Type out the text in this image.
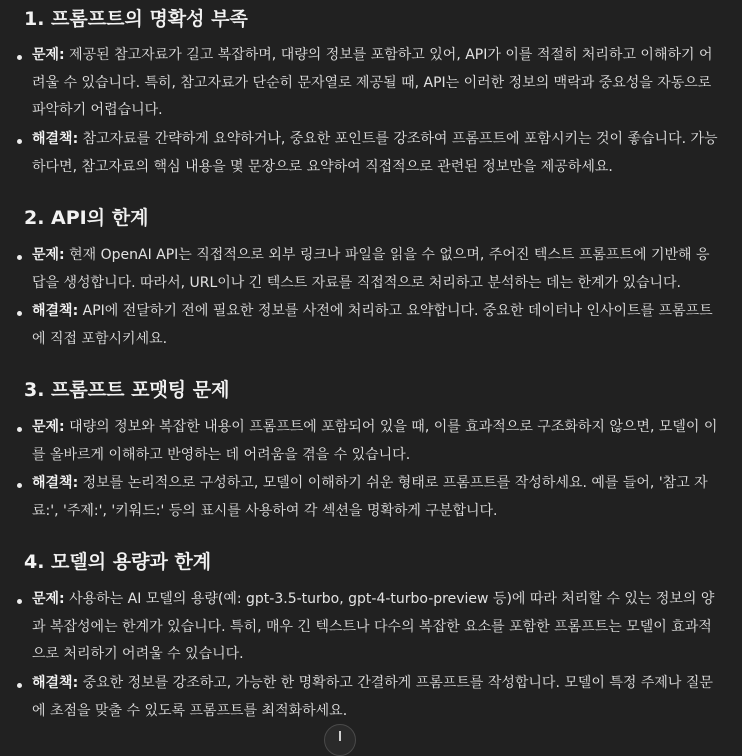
1. 프롬프트의 명확성 부족

문제: 제공된 참고자료가 길고 복잡하며, 대량의 정보를 포함하고 있어, API가 이를 적절히 처리하고 이해하기 어려울 수 있습니다. 특히, 참고자료가 단순히 문자열로 제공될 때, API는 이러한 정보의 맥락과 중요성을 자동으로 파악하기 어렵습니다.

해결책: 참고자료를 간략하게 요약하거나, 중요한 포인트를 강조하여 프롬프트에 포함시키는 것이 좋습니다. 가능하다면, 참고자료의 핵심 내용을 몇 문장으로 요약하여 직접적으로 관련된 정보만을 제공하세요.

2. API의 한계

문제: 현재 OpenAI API는 직접적으로 외부 링크나 파일을 읽을 수 없으며, 주어진 텍스트 프롬프트에 기반해 응답을 생성합니다. 따라서, URL이나 긴 텍스트 자료를 직접적으로 처리하고 분석하는 데는 한계가 있습니다.

해결책: API에 전달하기 전에 필요한 정보를 사전에 처리하고 요약합니다. 중요한 데이터나 인사이트를 프롬프트에 직접 포함시키세요.

3. 프롬프트 포맷팅 문제

문제: 대량의 정보와 복잡한 내용이 프롬프트에 포함되어 있을 때, 이를 효과적으로 구조화하지 않으면, 모델이 이를 올바르게 이해하고 반영하는 데 어려움을 겪을 수 있습니다.

해결책: 정보를 논리적으로 구성하고, 모델이 이해하기 쉬운 형태로 프롬프트를 작성하세요. 예를 들어, '참고 자료:', '주제:', '키워드:' 등의 표시를 사용하여 각 섹션을 명확하게 구분합니다.

4. 모델의 용량과 한계

문제: 사용하는 AI 모델의 용량(예: gpt-3.5-turbo, gpt-4-turbo-preview 등)에 따라 처리할 수 있는 정보의 양과 복잡성에는 한계가 있습니다. 특히, 매우 긴 텍스트나 다수의 복잡한 요소를 포함한 프롬프트는 모델이 효과적으로 처리하기 어려울 수 있습니다.

해결책: 중요한 정보를 강조하고, 가능한 한 명확하고 간결하게 프롬프트를 작성합니다. 모델이 특정 주제나 질문에 초점을 맞출 수 있도록 프롬프트를 최적화하세요.
